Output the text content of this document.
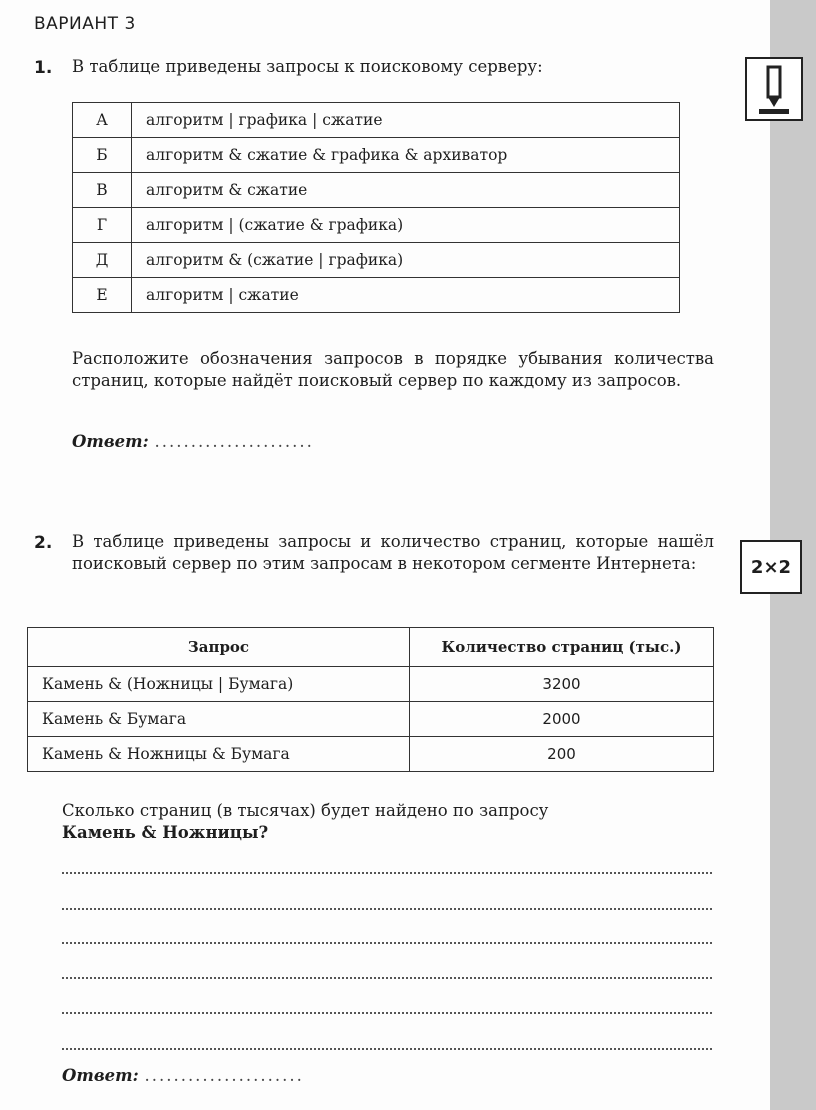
ВАРИАНТ 3
1. В таблице приведены запросы к поисковому серверу:
А	алгоритм | графика | сжатие
Б	алгоритм & сжатие & графика & архиватор
В	алгоритм & сжатие
Г	алгоритм | (сжатие & графика)
Д	алгоритм & (сжатие | графика)
Е	алгоритм | сжатие
Расположите обозначения запросов в порядке убывания количества страниц, которые найдёт поисковый сервер по каждому из запросов.
Ответ: ......................
2. В таблице приведены запросы и количество страниц, которые нашёл поисковый сервер по этим запросам в некотором сегменте Интернета:
Запрос	Количество страниц (тыс.)
Камень & (Ножницы | Бумага)	3200
Камень & Бумага	2000
Камень & Ножницы & Бумага	200
Сколько страниц (в тысячах) будет найдено по запросу
Камень & Ножницы?
Ответ: ......................
2×2
